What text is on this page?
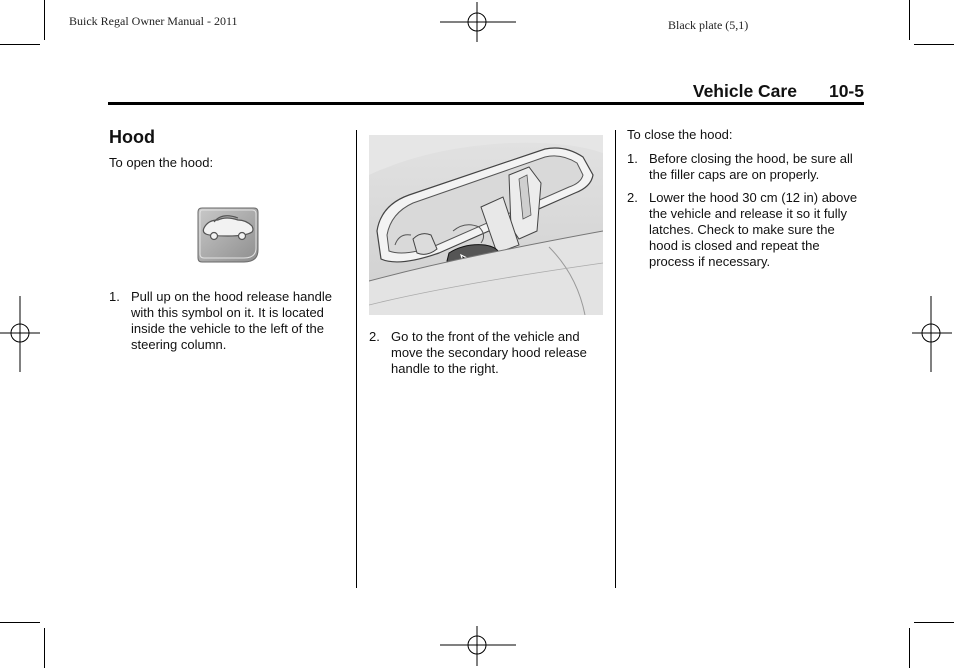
Buick Regal Owner Manual - 2011	Black plate (5,1)
Vehicle Care 10-5
Hood
To open the hood:
1. Pull up on the hood release handle with this symbol on it. It is located inside the vehicle to the left of the steering column.
2. Go to the front of the vehicle and move the secondary hood release handle to the right.
To close the hood:
1. Before closing the hood, be sure all the filler caps are on properly.
2. Lower the hood 30 cm (12 in) above the vehicle and release it so it fully latches. Check to make sure the hood is closed and repeat the process if necessary.
